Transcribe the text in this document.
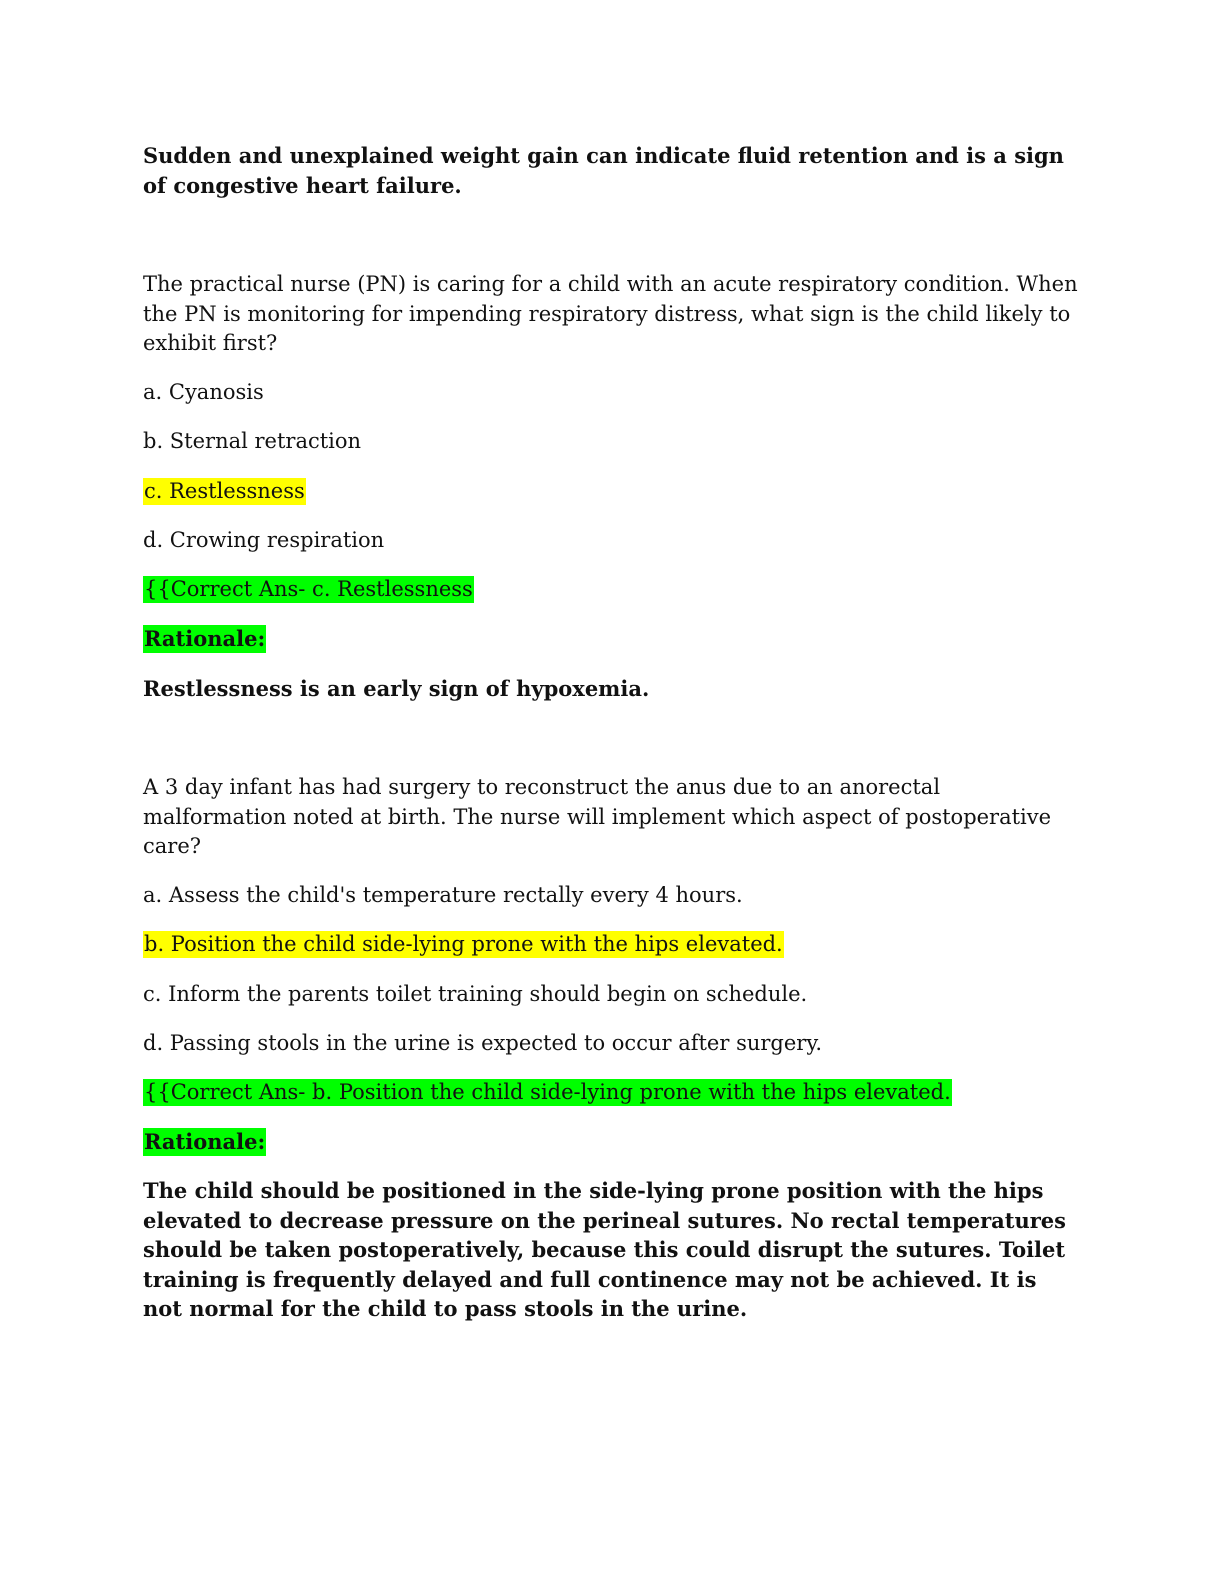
Sudden and unexplained weight gain can indicate fluid retention and is a sign of congestive heart failure.

The practical nurse (PN) is caring for a child with an acute respiratory condition. When the PN is monitoring for impending respiratory distress, what sign is the child likely to exhibit first?

a. Cyanosis

b. Sternal retraction

c. Restlessness

d. Crowing respiration

{{Correct Ans- c. Restlessness

Rationale:

Restlessness is an early sign of hypoxemia.

A 3 day infant has had surgery to reconstruct the anus due to an anorectal malformation noted at birth. The nurse will implement which aspect of postoperative care?

a. Assess the child's temperature rectally every 4 hours.

b. Position the child side-lying prone with the hips elevated.

c. Inform the parents toilet training should begin on schedule.

d. Passing stools in the urine is expected to occur after surgery.

{{Correct Ans- b. Position the child side-lying prone with the hips elevated.

Rationale:

The child should be positioned in the side-lying prone position with the hips elevated to decrease pressure on the perineal sutures. No rectal temperatures should be taken postoperatively, because this could disrupt the sutures. Toilet training is frequently delayed and full continence may not be achieved. It is not normal for the child to pass stools in the urine.
